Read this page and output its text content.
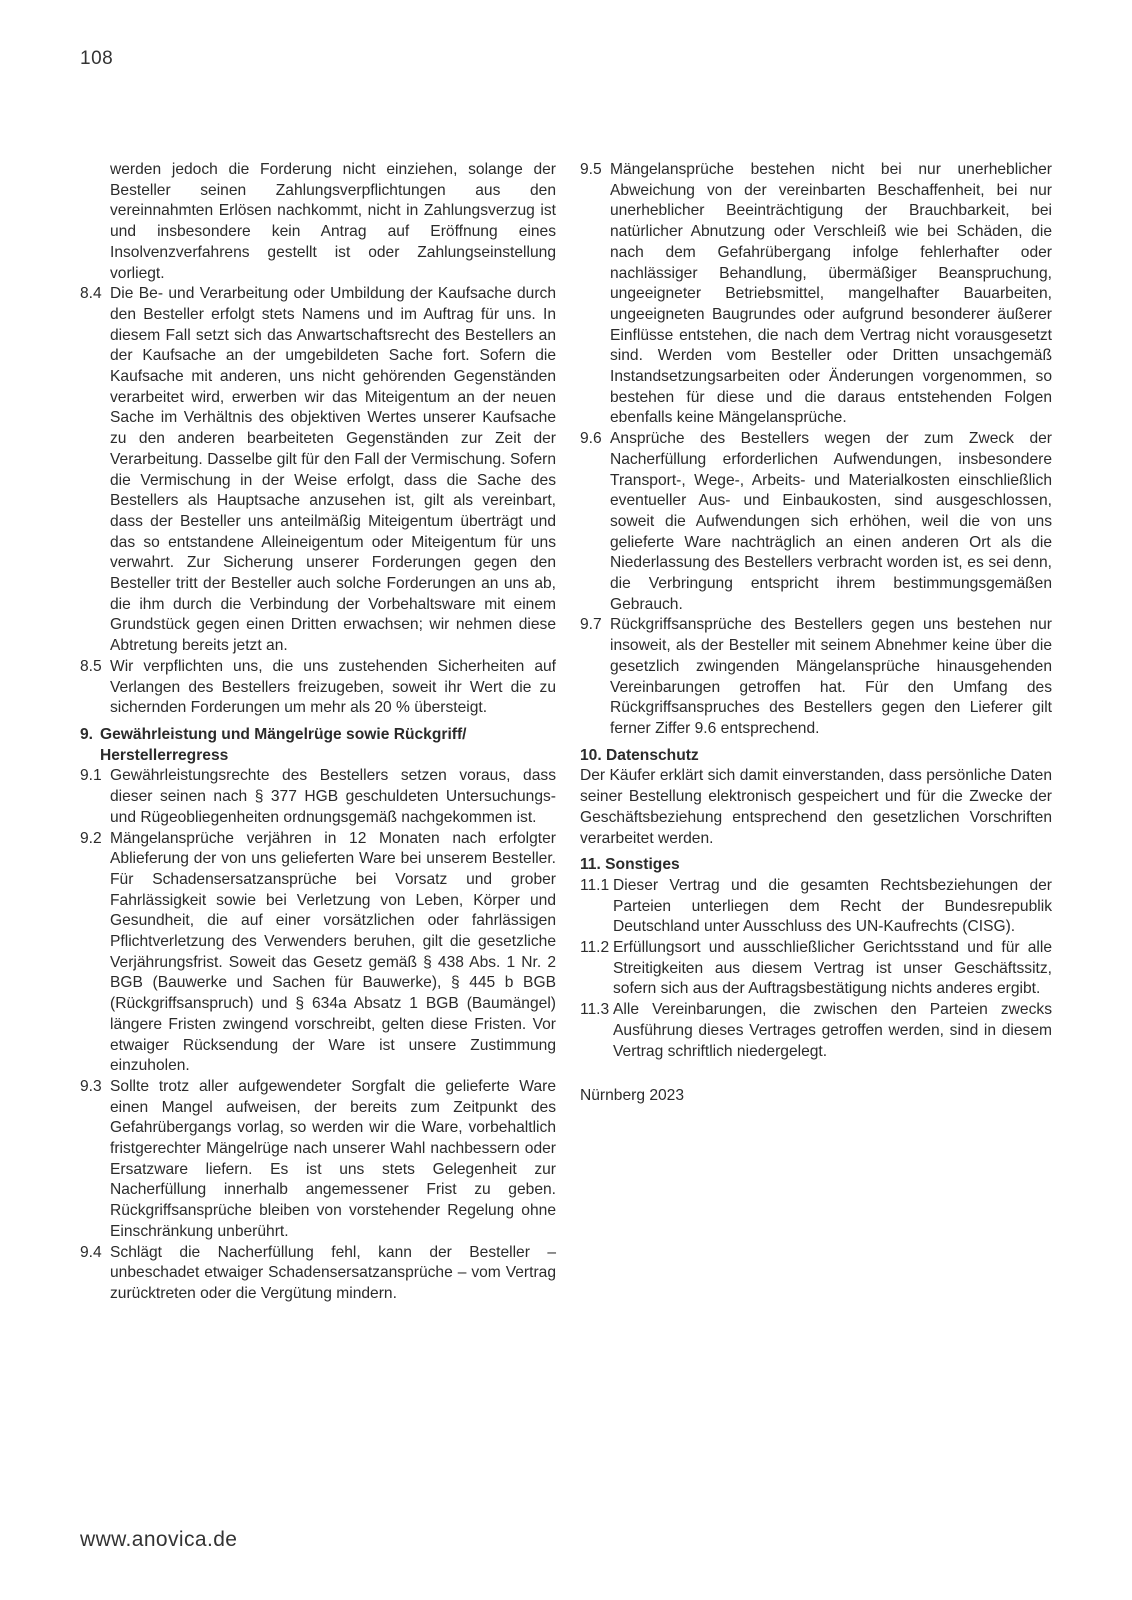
108

werden jedoch die Forderung nicht einziehen, solange der Besteller seinen Zahlungsverpflichtungen aus den vereinnahmten Erlösen nachkommt, nicht in Zahlungsverzug ist und insbesondere kein Antrag auf Eröffnung eines Insolvenzverfahrens gestellt ist oder Zahlungseinstellung vorliegt.

8.4 Die Be- und Verarbeitung oder Umbildung der Kaufsache durch den Besteller erfolgt stets Namens und im Auftrag für uns. In diesem Fall setzt sich das Anwartschaftsrecht des Bestellers an der Kaufsache an der umgebildeten Sache fort. Sofern die Kaufsache mit anderen, uns nicht gehörenden Gegenständen verarbeitet wird, erwerben wir das Miteigentum an der neuen Sache im Verhältnis des objektiven Wertes unserer Kaufsache zu den anderen bearbeiteten Gegenständen zur Zeit der Verarbeitung. Dasselbe gilt für den Fall der Vermischung. Sofern die Vermischung in der Weise erfolgt, dass die Sache des Bestellers als Hauptsache anzusehen ist, gilt als vereinbart, dass der Besteller uns anteilmäßig Miteigentum überträgt und das so entstandene Alleineigentum oder Miteigentum für uns verwahrt. Zur Sicherung unserer Forderungen gegen den Besteller tritt der Besteller auch solche Forderungen an uns ab, die ihm durch die Verbindung der Vorbehaltsware mit einem Grundstück gegen einen Dritten erwachsen; wir nehmen diese Abtretung bereits jetzt an.
8.5 Wir verpflichten uns, die uns zustehenden Sicherheiten auf Verlangen des Bestellers freizugeben, soweit ihr Wert die zu sichernden Forderungen um mehr als 20 % übersteigt.
9. Gewährleistung und Mängelrüge sowie Rückgriff/ Herstellerregress
9.1 Gewährleistungsrechte des Bestellers setzen voraus, dass dieser seinen nach § 377 HGB geschuldeten Untersuchungs- und Rügeobliegenheiten ordnungsgemäß nachgekommen ist.
9.2 Mängelansprüche verjähren in 12 Monaten nach erfolgter Ablieferung der von uns gelieferten Ware bei unserem Besteller. Für Schadensersatzansprüche bei Vorsatz und grober Fahrlässigkeit sowie bei Verletzung von Leben, Körper und Gesundheit, die auf einer vorsätzlichen oder fahrlässigen Pflichtverletzung des Verwenders beruhen, gilt die gesetzliche Verjährungsfrist. Soweit das Gesetz gemäß § 438 Abs. 1 Nr. 2 BGB (Bauwerke und Sachen für Bauwerke), § 445 b BGB (Rückgriffsanspruch) und § 634a Absatz 1 BGB (Baumängel) längere Fristen zwingend vorschreibt, gelten diese Fristen. Vor etwaiger Rücksendung der Ware ist unsere Zustimmung einzuholen.
9.3 Sollte trotz aller aufgewendeter Sorgfalt die gelieferte Ware einen Mangel aufweisen, der bereits zum Zeitpunkt des Gefahrübergangs vorlag, so werden wir die Ware, vorbehaltlich fristgerechter Mängelrüge nach unserer Wahl nachbessern oder Ersatzware liefern. Es ist uns stets Gelegenheit zur Nacherfüllung innerhalb angemessener Frist zu geben. Rückgriffsansprüche bleiben von vorstehender Regelung ohne Einschränkung unberührt.
9.4 Schlägt die Nacherfüllung fehl, kann der Besteller – unbeschadet etwaiger Schadensersatzansprüche – vom Vertrag zurücktreten oder die Vergütung mindern.
9.5 Mängelansprüche bestehen nicht bei nur unerheblicher Abweichung von der vereinbarten Beschaffenheit, bei nur unerheblicher Beeinträchtigung der Brauchbarkeit, bei natürlicher Abnutzung oder Verschleiß wie bei Schäden, die nach dem Gefahrübergang infolge fehlerhafter oder nachlässiger Behandlung, übermäßiger Beanspruchung, ungeeigneter Betriebsmittel, mangelhafter Bauarbeiten, ungeeigneten Baugrundes oder aufgrund besonderer äußerer Einflüsse entstehen, die nach dem Vertrag nicht vorausgesetzt sind. Werden vom Besteller oder Dritten unsachgemäß Instandsetzungsarbeiten oder Änderungen vorgenommen, so bestehen für diese und die daraus entstehenden Folgen ebenfalls keine Mängelansprüche.
9.6 Ansprüche des Bestellers wegen der zum Zweck der Nacherfüllung erforderlichen Aufwendungen, insbesondere Transport-, Wege-, Arbeits- und Materialkosten einschließlich eventueller Aus- und Einbaukosten, sind ausgeschlossen, soweit die Aufwendungen sich erhöhen, weil die von uns gelieferte Ware nachträglich an einen anderen Ort als die Niederlassung des Bestellers verbracht worden ist, es sei denn, die Verbringung entspricht ihrem bestimmungsgemäßen Gebrauch.
9.7 Rückgriffsansprüche des Bestellers gegen uns bestehen nur insoweit, als der Besteller mit seinem Abnehmer keine über die gesetzlich zwingenden Mängelansprüche hinausgehenden Vereinbarungen getroffen hat. Für den Umfang des Rückgriffsanspruches des Bestellers gegen den Lieferer gilt ferner Ziffer 9.6 entsprechend.
10. Datenschutz

Der Käufer erklärt sich damit einverstanden, dass persönliche Daten seiner Bestellung elektronisch gespeichert und für die Zwecke der Geschäftsbeziehung entsprechend den gesetzlichen Vorschriften verarbeitet werden.

11. Sonstiges
11.1 Dieser Vertrag und die gesamten Rechtsbeziehungen der Parteien unterliegen dem Recht der Bundesrepublik Deutschland unter Ausschluss des UN-Kaufrechts (CISG).
11.2 Erfüllungsort und ausschließlicher Gerichtsstand und für alle Streitigkeiten aus diesem Vertrag ist unser Geschäftssitz, sofern sich aus der Auftragsbestätigung nichts anderes ergibt.
11.3 Alle Vereinbarungen, die zwischen den Parteien zwecks Ausführung dieses Vertrages getroffen werden, sind in diesem Vertrag schriftlich niedergelegt.

Nürnberg 2023

www.anovica.de
